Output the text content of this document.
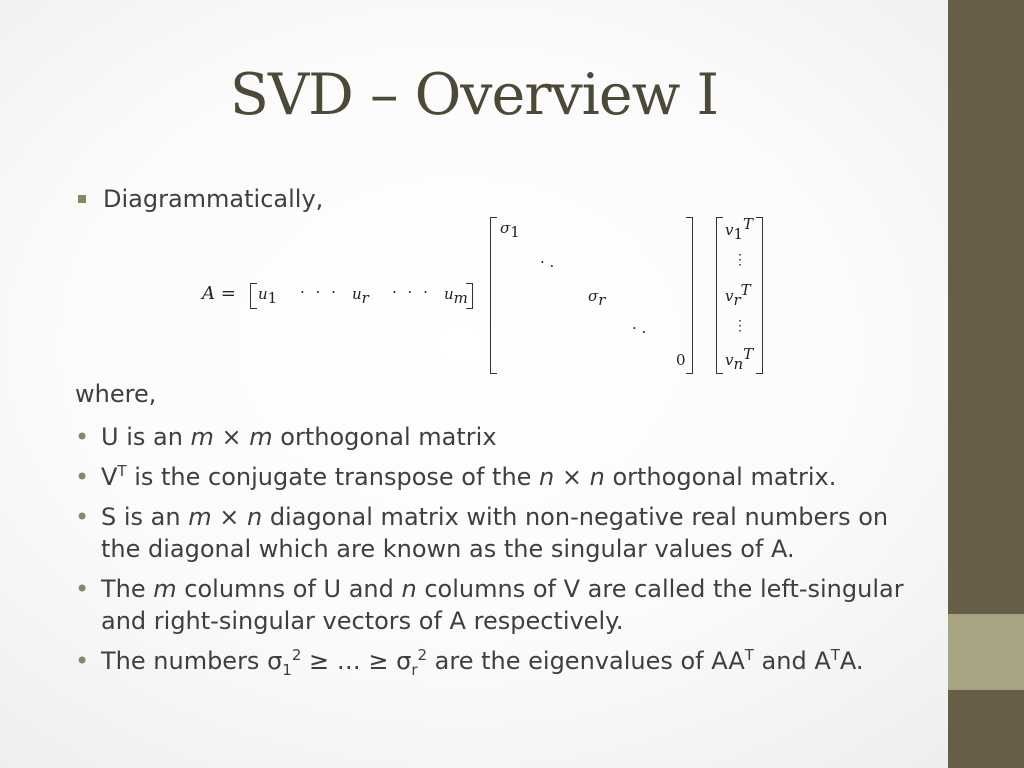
SVD – Overview I
Diagrammatically,
$A = u_1$ · · · $u_r$ · · · $u_m$
$\sigma_1$
· .
$\sigma_r$
· .
0
$v_1^T$
⋮
$v_r^T$
⋮
$v_n^T$
where,
• U is an m × m orthogonal matrix
• $V^T$ is the conjugate transpose of the n × n orthogonal matrix.
• S is an m × n diagonal matrix with non-negative real numbers on the diagonal which are known as the singular values of A.
• The m columns of U and n columns of V are called the left-singular and right-singular vectors of A respectively.
• The numbers $\sigma_1^2$ ≥ … ≥ $\sigma_r^2$ are the eigenvalues of $AA^T$ and $A^TA$.
